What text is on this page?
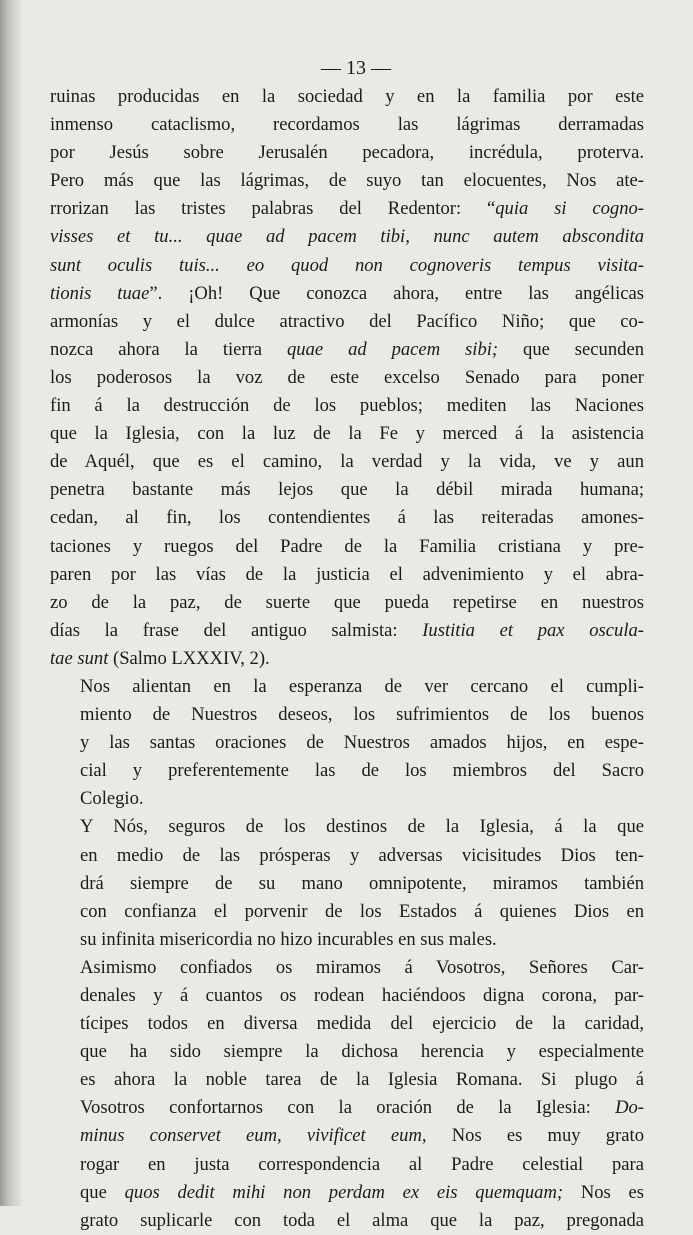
— 13 —
ruinas producidas en la sociedad y en la familia por este
inmenso cataclismo, recordamos las lágrimas derramadas
por Jesús sobre Jerusalén pecadora, incrédula, proterva.
Pero más que las lágrimas, de suyo tan elocuentes, Nos ate-
rrorizan las tristes palabras del Redentor: “quia si cogno-
visses et tu... quae ad pacem tibi, nunc autem abscondita
sunt oculis tuis... eo quod non cognoveris tempus visita-
tionis tuae”. ¡Oh! Que conozca ahora, entre las angélicas
armonías y el dulce atractivo del Pacífico Niño; que co-
nozca ahora la tierra quae ad pacem sibi; que secunden
los poderosos la voz de este excelso Senado para poner
fin á la destrucción de los pueblos; mediten las Naciones
que la Iglesia, con la luz de la Fe y merced á la asistencia
de Aquél, que es el camino, la verdad y la vida, ve y aun
penetra bastante más lejos que la débil mirada humana;
cedan, al fin, los contendientes á las reiteradas amones-
taciones y ruegos del Padre de la Familia cristiana y pre-
paren por las vías de la justicia el advenimiento y el abra-
zo de la paz, de suerte que pueda repetirse en nuestros
días la frase del antiguo salmista: Iustitia et pax oscula-
tae sunt (Salmo LXXXIV, 2).
Nos alientan en la esperanza de ver cercano el cumpli-
miento de Nuestros deseos, los sufrimientos de los buenos
y las santas oraciones de Nuestros amados hijos, en espe-
cial y preferentemente las de los miembros del Sacro
Colegio.
Y Nós, seguros de los destinos de la Iglesia, á la que
en medio de las prósperas y adversas vicisitudes Dios ten-
drá siempre de su mano omnipotente, miramos también
con confianza el porvenir de los Estados á quienes Dios en
su infinita misericordia no hizo incurables en sus males.
Asimismo confiados os miramos á Vosotros, Señores Car-
denales y á cuantos os rodean haciéndoos digna corona, par-
tícipes todos en diversa medida del ejercicio de la caridad,
que ha sido siempre la dichosa herencia y especialmente
es ahora la noble tarea de la Iglesia Romana. Si plugo á
Vosotros confortarnos con la oración de la Iglesia: Do-
minus conservet eum, vivificet eum, Nos es muy grato
rogar en justa correspondencia al Padre celestial para
que quos dedit mihi non perdam ex eis quemquam; Nos es
grato suplicarle con toda el alma que la paz, pregonada
